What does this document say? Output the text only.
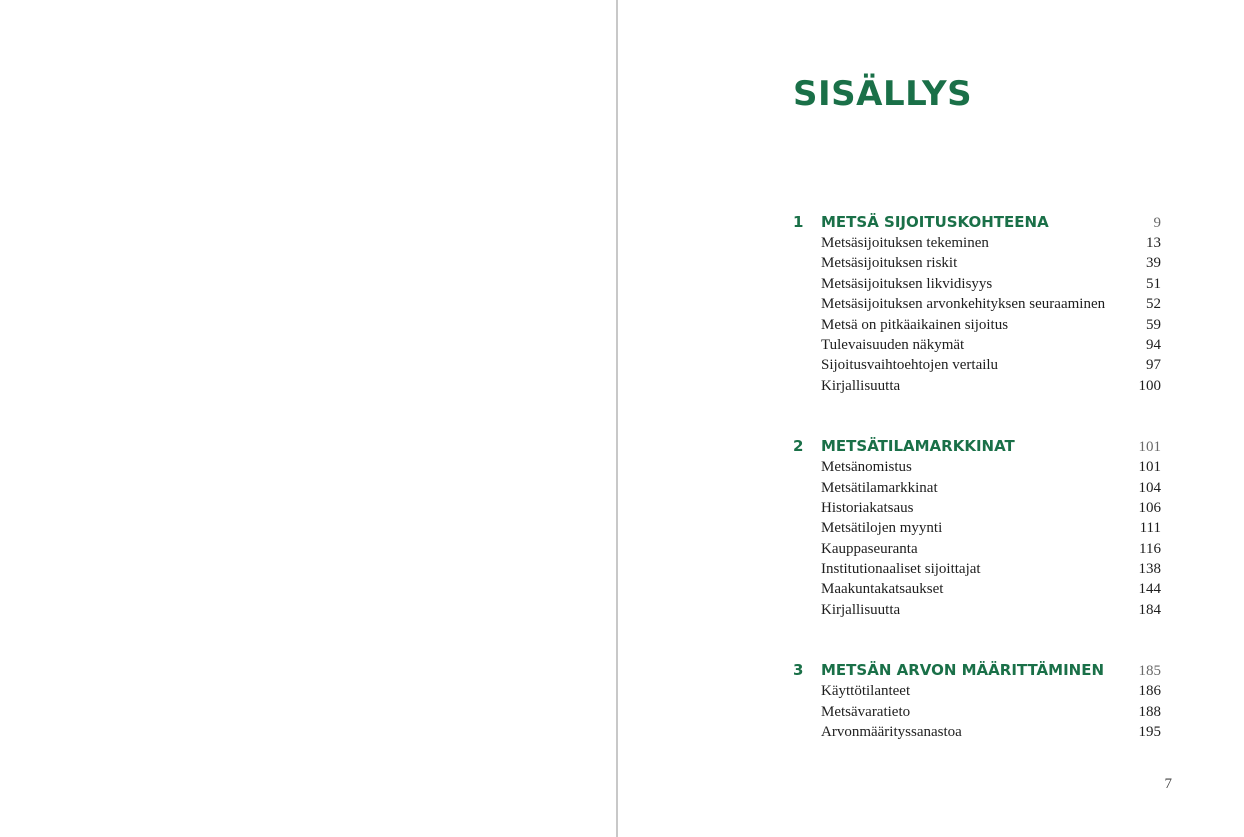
SISÄLLYS
1	METSÄ SIJOITUSKOHTEENA	9
Metsäsijoituksen tekeminen	13
Metsäsijoituksen riskit	39
Metsäsijoituksen likvidisyys	51
Metsäsijoituksen arvonkehityksen seuraaminen	52
Metsä on pitkäaikainen sijoitus	59
Tulevaisuuden näkymät	94
Sijoitusvaihtoehtojen vertailu	97
Kirjallisuutta	100
2	METSÄTILAMARKKINAT	101
Metsänomistus	101
Metsätilamarkkinat	104
Historiakatsaus	106
Metsätilojen myynti	111
Kauppaseuranta	116
Institutionaaliset sijoittajat	138
Maakuntakatsaukset	144
Kirjallisuutta	184
3	METSÄN ARVON MÄÄRITTÄMINEN	185
Käyttötilanteet	186
Metsävaratieto	188
Arvonmäärityssanastoa	195
7
